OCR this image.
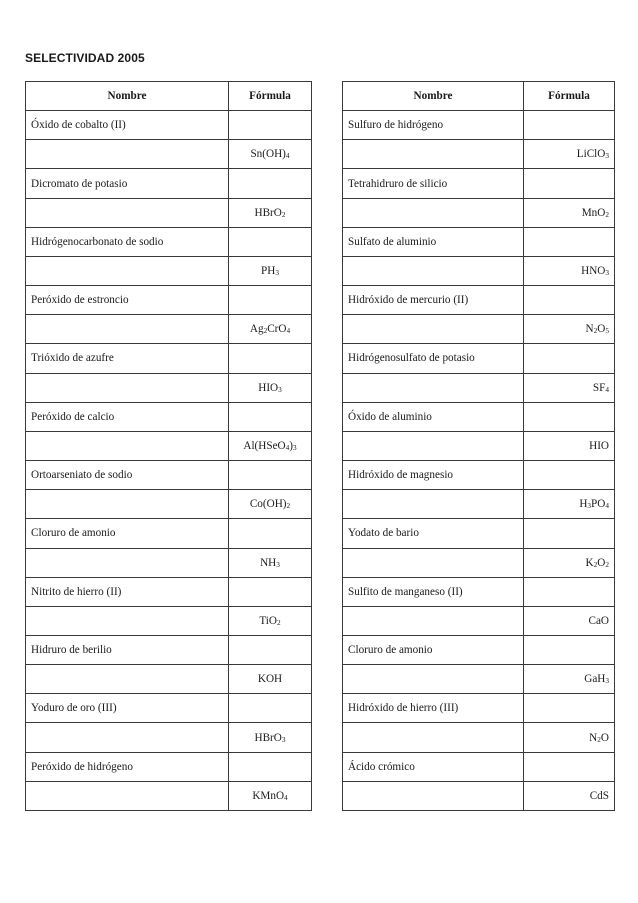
SELECTIVIDAD 2005
Nombre	Fórmula
Óxido de cobalto (II)	
	$Sn(OH)_4$
Dicromato de potasio	
	HBrO$_2$
Hidrógenocarbonato de sodio	
	$PH_3$
Peróxido de estroncio	
	$Ag_2CrO_4$
Trióxido de azufre	
	$HIO_3$
Peróxido de calcio	
	$Al(HSeO_4)_3$
Ortoarseniato de sodio	
	$Co(OH)_2$
Cloruro de amonio	
	$NH_3$
Nitrito de hierro (II)	
	TiO$_2$
Hidruro de berilio	
	KOH
Yoduro de oro (III)	
	HBrO$_3$
Peróxido de hidrógeno	
	KMnO$_4$
Nombre	Fórmula
Sulfuro de hidrógeno	
	LiClO$_3$
Tetrahidruro de silicio	
	MnO$_2$
Sulfato de aluminio	
	$HNO_3$
Hidróxido de mercurio (II)	
	$N_2O_5$
Hidrógenosulfato de potasio	
	$SF_4$
Óxido de aluminio	
	HIO
Hidróxido de magnesio	
	$H_3PO_4$
Yodato de bario	
	$K_2O_2$
Sulfito de manganeso (II)	
	CaO
Cloruro de amonio	
	GaH$_3$
Hidróxido de hierro (III)	
	$N_2O$
Ácido crómico	
	CdS
